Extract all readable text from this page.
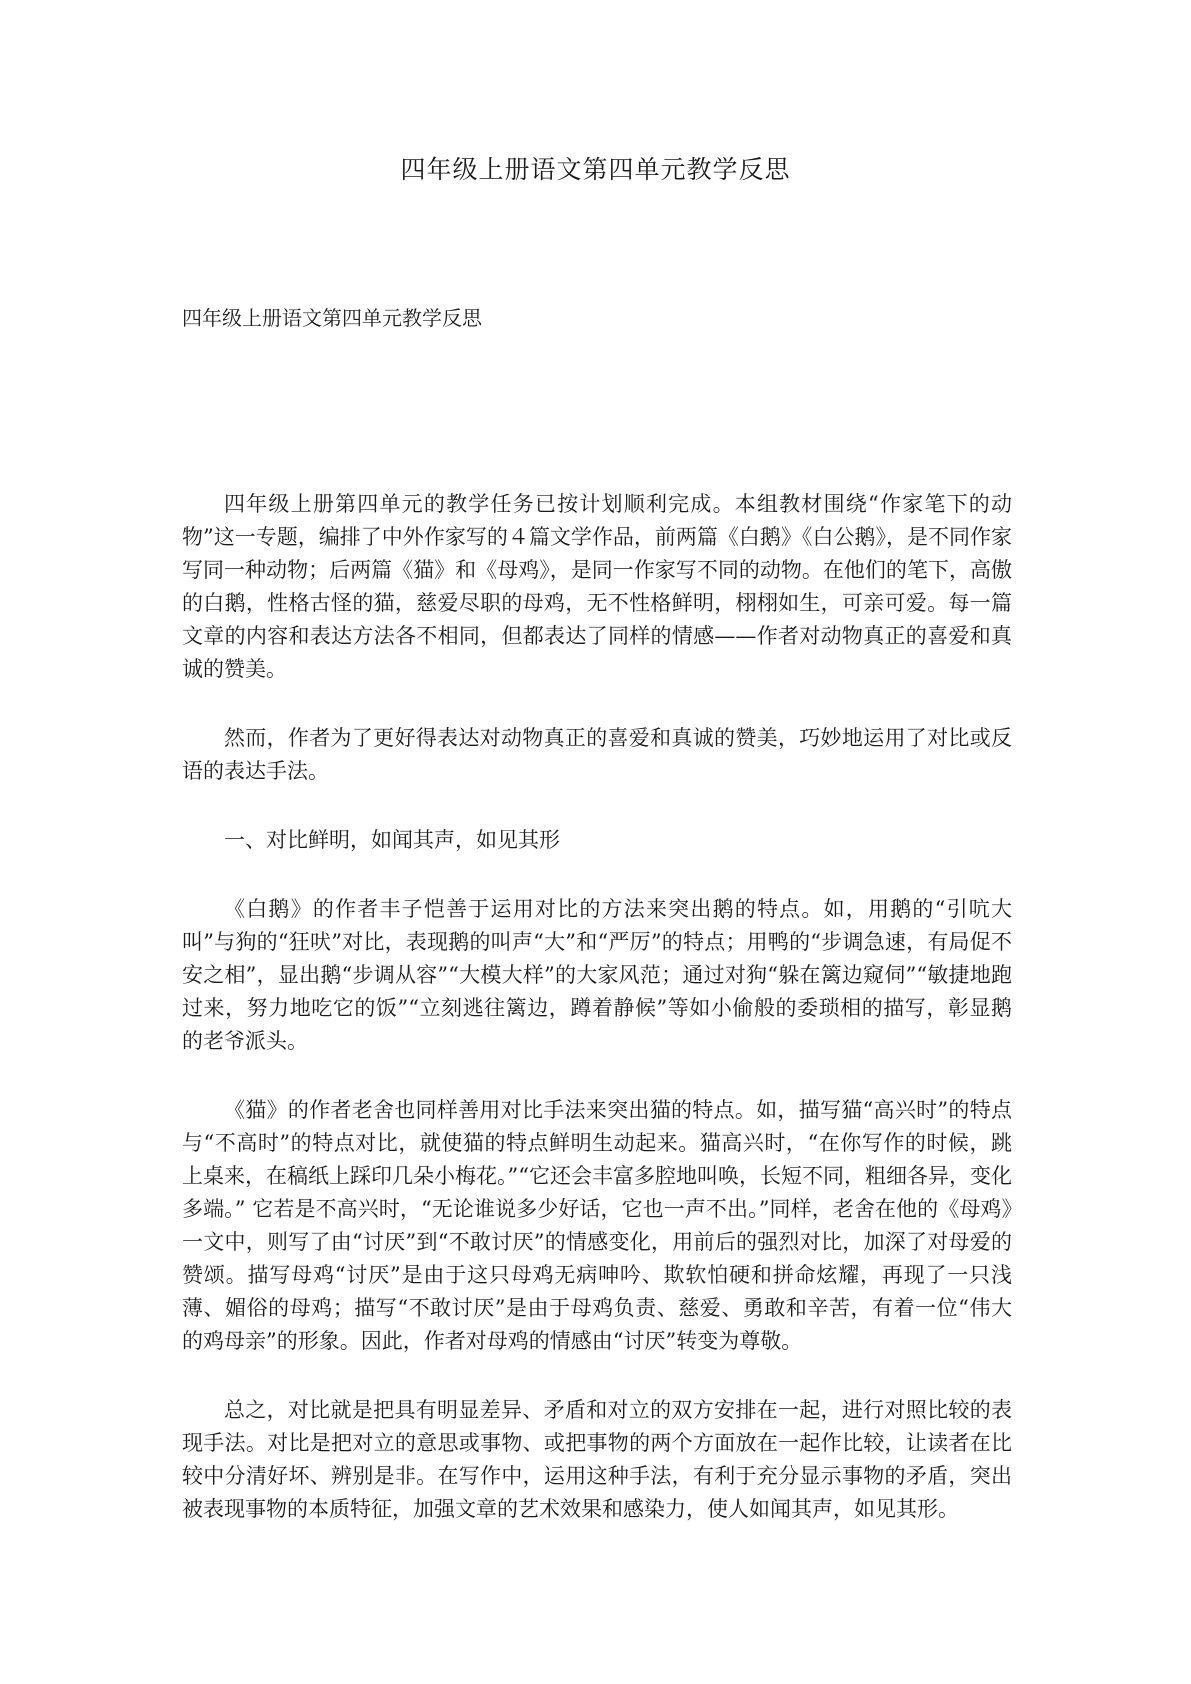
四年级上册语文第四单元教学反思
四年级上册语文第四单元教学反思

四年级上册第四单元的教学任务已按计划顺利完成。本组教材围绕“作家笔下的动物”这一专题，编排了中外作家写的４篇文学作品，前两篇《白鹅》《白公鹅》，是不同作家写同一种动物；后两篇《猫》和《母鸡》，是同一作家写不同的动物。在他们的笔下，高傲的白鹅，性格古怪的猫，慈爱尽职的母鸡，无不性格鲜明，栩栩如生，可亲可爱。每一篇文章的内容和表达方法各不相同，但都表达了同样的情感——作者对动物真正的喜爱和真诚的赞美。

然而，作者为了更好得表达对动物真正的喜爱和真诚的赞美，巧妙地运用了对比或反语的表达手法。

一、对比鲜明，如闻其声，如见其形

《白鹅》的作者丰子恺善于运用对比的方法来突出鹅的特点。如，用鹅的“引吭大叫”与狗的“狂吠”对比，表现鹅的叫声“大”和“严厉”的特点；用鸭的“步调急速，有局促不安之相”，显出鹅“步调从容”“大模大样”的大家风范；通过对狗“躲在篱边窥伺”“敏捷地跑过来，努力地吃它的饭”“立刻逃往篱边，蹲着静候”等如小偷般的委琐相的描写，彰显鹅的老爷派头。

《猫》的作者老舍也同样善用对比手法来突出猫的特点。如，描写猫“高兴时”的特点与“不高时”的特点对比，就使猫的特点鲜明生动起来。猫高兴时，“在你写作的时候，跳上桌来，在稿纸上踩印几朵小梅花。”“它还会丰富多腔地叫唤，长短不同，粗细各异，变化多端。” 它若是不高兴时，“无论谁说多少好话，它也一声不出。”同样，老舍在他的《母鸡》一文中，则写了由“讨厌”到“不敢讨厌”的情感变化，用前后的强烈对比，加深了对母爱的赞颂。描写母鸡“讨厌”是由于这只母鸡无病呻吟、欺软怕硬和拼命炫耀，再现了一只浅薄、媚俗的母鸡；描写“不敢讨厌”是由于母鸡负责、慈爱、勇敢和辛苦，有着一位“伟大的鸡母亲”的形象。因此，作者对母鸡的情感由“讨厌”转变为尊敬。

总之，对比就是把具有明显差异、矛盾和对立的双方安排在一起，进行对照比较的表现手法。对比是把对立的意思或事物、或把事物的两个方面放在一起作比较，让读者在比较中分清好坏、辨别是非。在写作中，运用这种手法，有利于充分显示事物的矛盾，突出被表现事物的本质特征，加强文章的艺术效果和感染力，使人如闻其声，如见其形。
